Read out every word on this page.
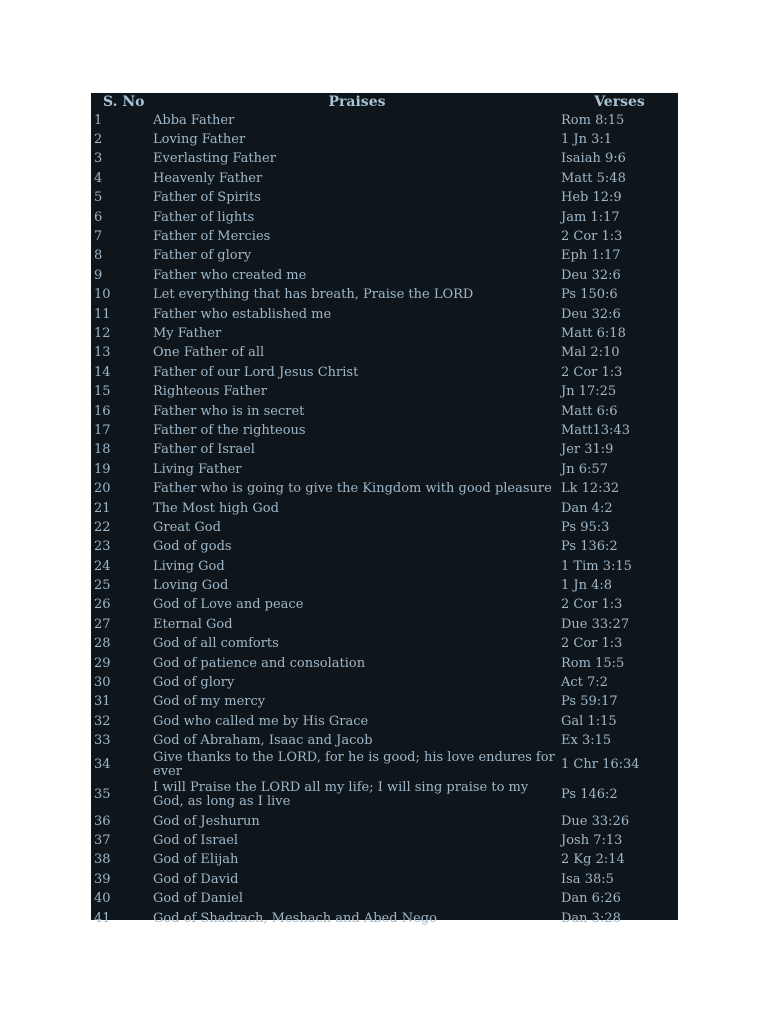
S. No	Praises	Verses
1	Abba Father	Rom 8:15
2	Loving Father	1 Jn 3:1
3	Everlasting Father	Isaiah 9:6
4	Heavenly Father	Matt 5:48
5	Father of Spirits	Heb 12:9
6	Father of lights	Jam 1:17
7	Father of Mercies	2 Cor 1:3
8	Father of glory	Eph 1:17
9	Father who created me	Deu 32:6
10	Let everything that has breath, Praise the LORD	Ps 150:6
11	Father who established me	Deu 32:6
12	My Father	Matt 6:18
13	One Father of all	Mal 2:10
14	Father of our Lord Jesus Christ	2 Cor 1:3
15	Righteous Father	Jn 17:25
16	Father who is in secret	Matt 6:6
17	Father of the righteous	Matt13:43
18	Father of Israel	Jer 31:9
19	Living Father	Jn 6:57
20	Father who is going to give the Kingdom with good pleasure	Lk 12:32
21	The Most high God	Dan 4:2
22	Great God	Ps 95:3
23	God of gods	Ps 136:2
24	Living God	1 Tim 3:15
25	Loving God	1 Jn 4:8
26	God of Love and peace	2 Cor 1:3
27	Eternal God	Due 33:27
28	God of all comforts	2 Cor 1:3
29	God of patience and consolation	Rom 15:5
30	God of glory	Act 7:2
31	God of my mercy	Ps 59:17
32	God who called me by His Grace	Gal 1:15
33	God of Abraham, Isaac and Jacob	Ex 3:15
34	Give thanks to the LORD, for he is good; his love endures for ever	1 Chr 16:34
35	I will Praise the LORD all my life; I will sing praise to my God, as long as I live	Ps 146:2
36	God of Jeshurun	Due 33:26
37	God of Israel	Josh 7:13
38	God of Elijah	2 Kg 2:14
39	God of David	Isa 38:5
40	God of Daniel	Dan 6:26
41	God of Shadrach, Meshach and Abed Nego	Dan 3:28
